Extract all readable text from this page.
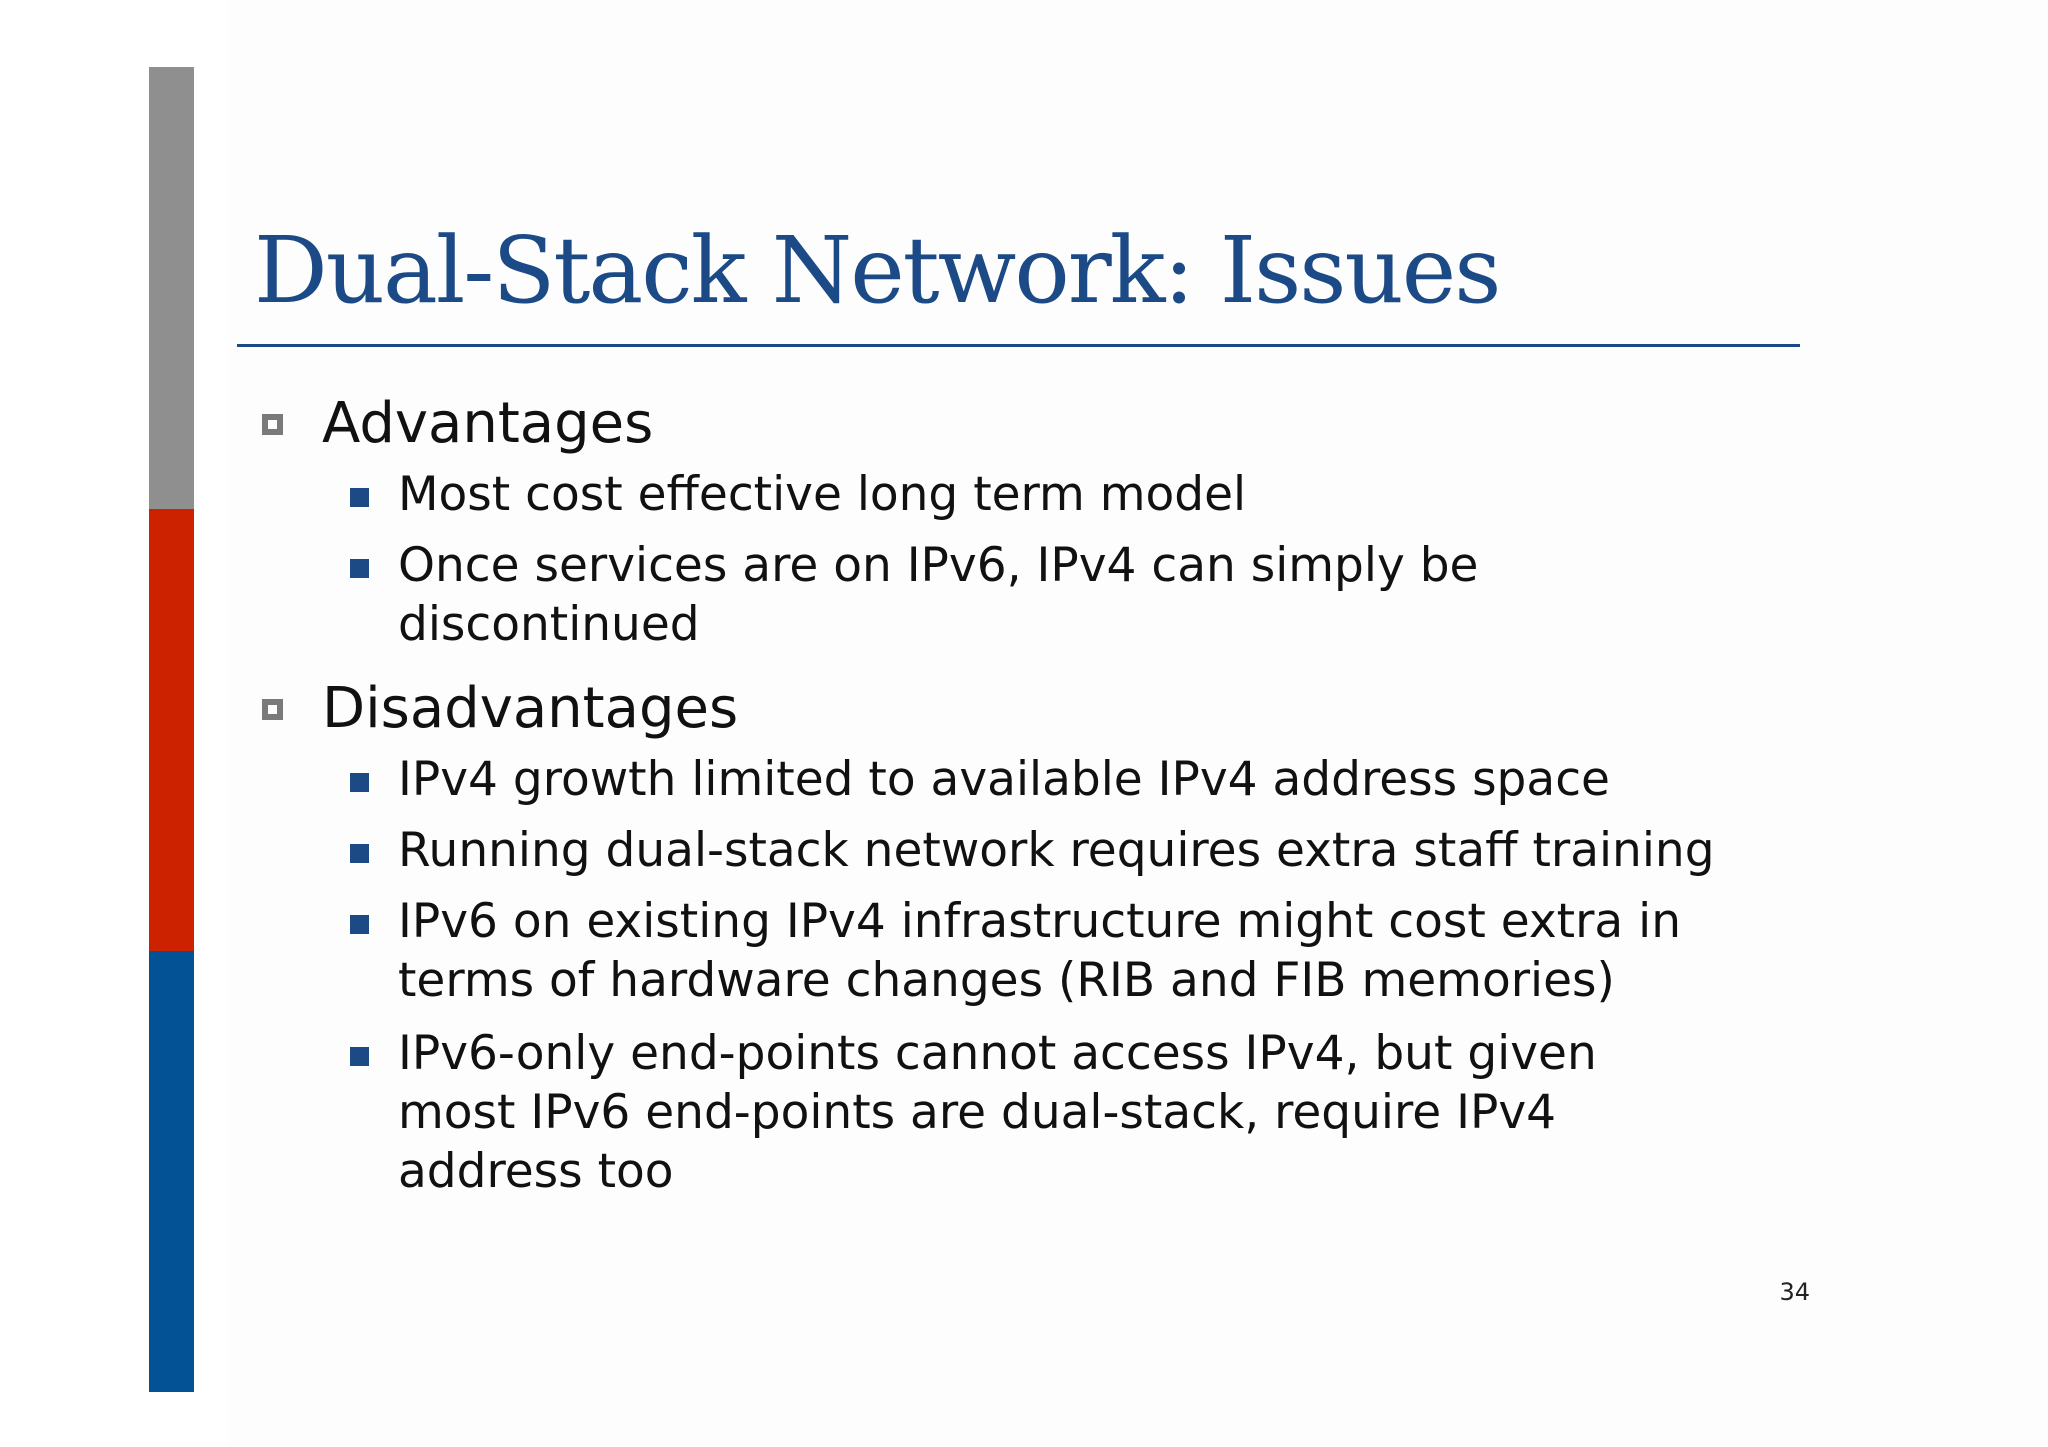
Dual-Stack Network: Issues
Advantages
Most cost effective long term model
Once services are on IPv6, IPv4 can simply be
discontinued
Disadvantages
IPv4 growth limited to available IPv4 address space
Running dual-stack network requires extra staff training
IPv6 on existing IPv4 infrastructure might cost extra in
terms of hardware changes (RIB and FIB memories)
IPv6-only end-points cannot access IPv4, but given
most IPv6 end-points are dual-stack, require IPv4
address too
34
